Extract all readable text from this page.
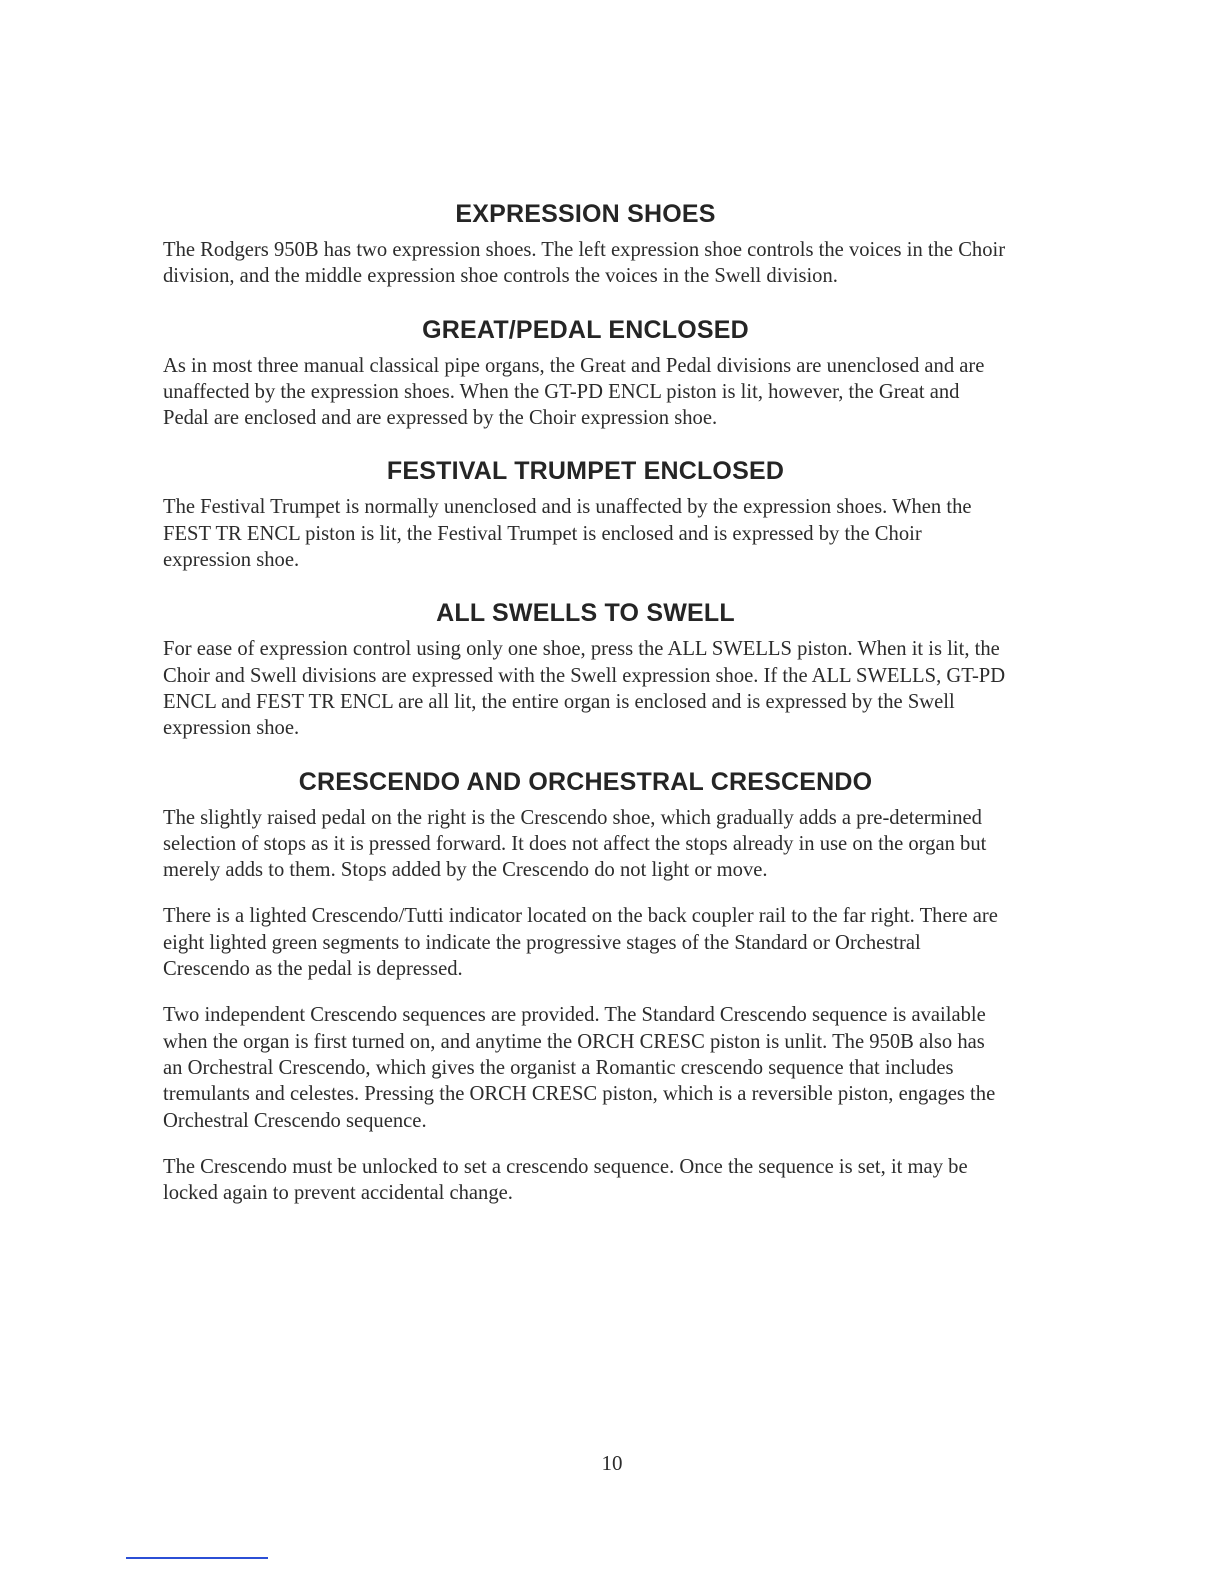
EXPRESSION SHOES

The Rodgers 950B has two expression shoes. The left expression shoe controls the voices in the Choir division, and the middle expression shoe controls the voices in the Swell division.

GREAT/PEDAL ENCLOSED

As in most three manual classical pipe organs, the Great and Pedal divisions are unenclosed and are unaffected by the expression shoes. When the GT-PD ENCL piston is lit, however, the Great and Pedal are enclosed and are expressed by the Choir expression shoe.

FESTIVAL TRUMPET ENCLOSED

The Festival Trumpet is normally unenclosed and is unaffected by the expression shoes. When the FEST TR ENCL piston is lit, the Festival Trumpet is enclosed and is expressed by the Choir expression shoe.

ALL SWELLS TO SWELL

For ease of expression control using only one shoe, press the ALL SWELLS piston. When it is lit, the Choir and Swell divisions are expressed with the Swell expression shoe. If the ALL SWELLS, GT-PD ENCL and FEST TR ENCL are all lit, the entire organ is enclosed and is expressed by the Swell expression shoe.

CRESCENDO AND ORCHESTRAL CRESCENDO

The slightly raised pedal on the right is the Crescendo shoe, which gradually adds a pre-determined selection of stops as it is pressed forward. It does not affect the stops already in use on the organ but merely adds to them. Stops added by the Crescendo do not light or move.

There is a lighted Crescendo/Tutti indicator located on the back coupler rail to the far right. There are eight lighted green segments to indicate the progressive stages of the Standard or Orchestral Crescendo as the pedal is depressed.

Two independent Crescendo sequences are provided. The Standard Crescendo sequence is available when the organ is first turned on, and anytime the ORCH CRESC piston is unlit. The 950B also has an Orchestral Crescendo, which gives the organist a Romantic crescendo sequence that includes tremulants and celestes. Pressing the ORCH CRESC piston, which is a reversible piston, engages the Orchestral Crescendo sequence.

The Crescendo must be unlocked to set a crescendo sequence. Once the sequence is set, it may be locked again to prevent accidental change.

10
